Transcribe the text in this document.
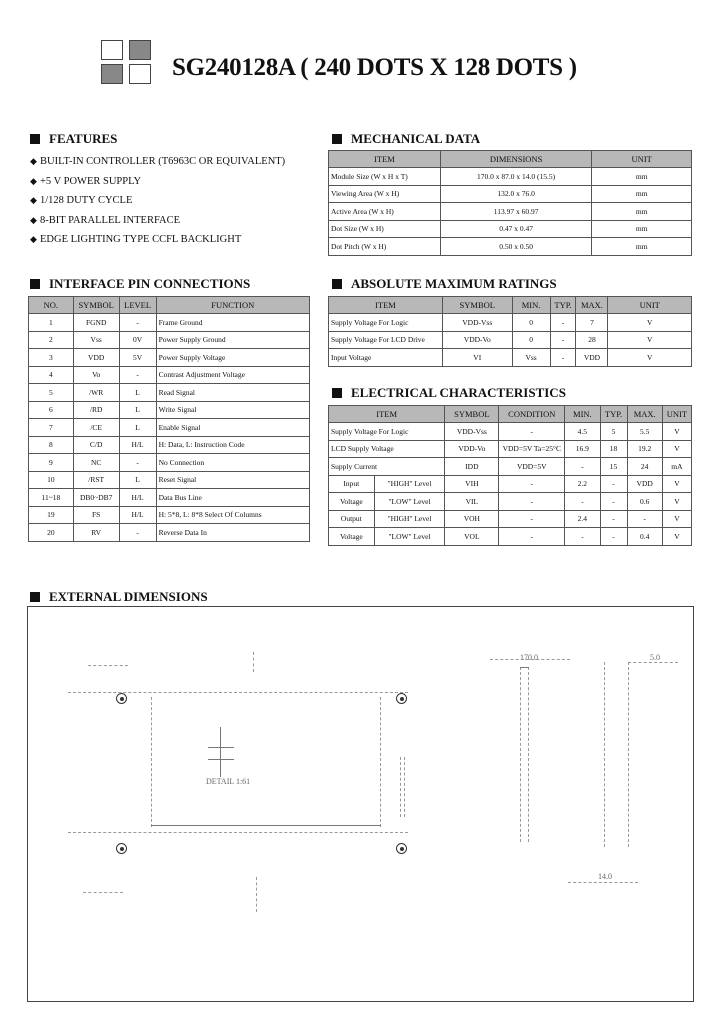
SG240128A ( 240 DOTS X 128 DOTS )
FEATURES
◆ BUILT-IN CONTROLLER (T6963C OR EQUIVALENT)
◆ +5 V POWER SUPPLY
◆ 1/128 DUTY CYCLE
◆ 8-BIT PARALLEL INTERFACE
◆ EDGE LIGHTING TYPE CCFL BACKLIGHT
MECHANICAL DATA
ITEM	DIMENSIONS	UNIT
Module Size (W x H x T)	170.0 x 87.0 x 14.0 (15.5)	mm
Viewing Area (W x H)	132.0 x 76.0	mm
Active Area (W x H)	113.97 x 60.97	mm
Dot Size (W x H)	0.47 x 0.47	mm
Dot Pitch (W x H)	0.50 x 0.50	mm
INTERFACE PIN CONNECTIONS
NO.	SYMBOL	LEVEL	FUNCTION
1	FGND	-	Frame Ground
2	Vss	0V	Power Supply Ground
3	VDD	5V	Power Supply Voltage
4	Vo	-	Contrast Adjustment Voltage
5	/WR	L	Read Signal
6	/RD	L	Write Signal
7	/CE	L	Enable Signal
8	C/D	H/L	H: Data, L: Instruction Code
9	NC	-	No Connection
10	/RST	L	Reset Signal
11~18	DB0~DB7	H/L	Data Bus Line
19	FS	H/L	H: 5*8, L: 8*8 Select Of Columns
20	RV	-	Reverse Data In
ABSOLUTE MAXIMUM RATINGS
ITEM	SYMBOL	MIN.	TYP.	MAX.	UNIT
Supply Voltage For Logic	VDD-Vss	0	-	7	V
Supply Voltage For LCD Drive	VDD-Vo	0	-	28	V
Input Voltage	VI	Vss	-	VDD	V
ELECTRICAL CHARACTERISTICS
ITEM		SYMBOL	CONDITION	MIN.	TYP.	MAX.	UNIT
Supply Voltage For Logic		VDD-Vss	-	4.5	5	5.5	V
LCD Supply Voltage		VDD-Vo	VDD=5V Ta=25°C	16.9	18	19.2	V
Supply Current		IDD	VDD=5V	-	15	24	mA
Input	"HIGH" Level	VIH	-	2.2	-	VDD	V
Voltage	"LOW" Level	VIL	-	-	-	0.6	V
Output	"HIGH" Level	VOH	-	2.4	-	-	V
Voltage	"LOW" Level	VOL	-	-	-	0.4	V
EXTERNAL DIMENSIONS
DETAIL 1:61
170.0	5.0
14.0
